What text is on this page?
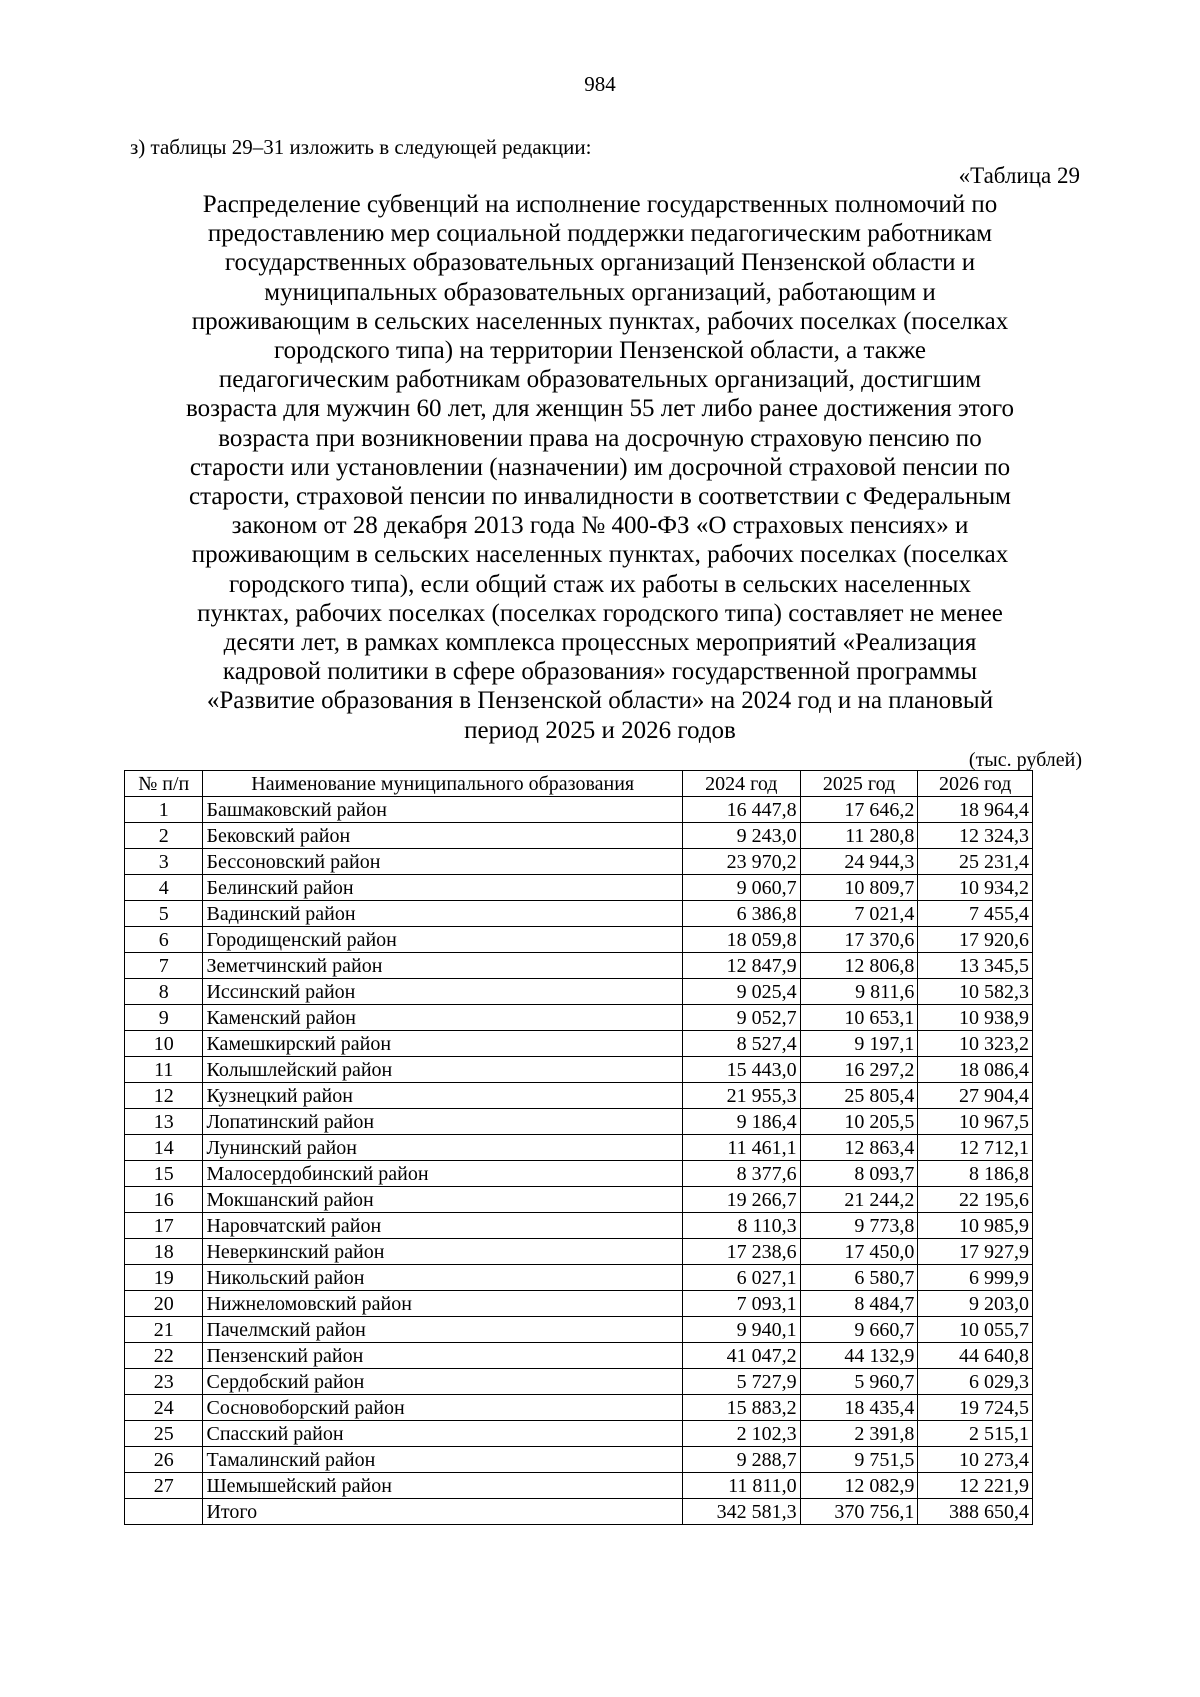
984
з) таблицы 29–31 изложить в следующей редакции:
«Таблица 29
Распределение субвенций на исполнение государственных полномочий по
предоставлению мер социальной поддержки педагогическим работникам
государственных образовательных организаций Пензенской области и
муниципальных образовательных организаций, работающим и
проживающим в сельских населенных пунктах, рабочих поселках (поселках
городского типа) на территории Пензенской области, а также
педагогическим работникам образовательных организаций, достигшим
возраста для мужчин 60 лет, для женщин 55 лет либо ранее достижения этого
возраста при возникновении права на досрочную страховую пенсию по
старости или установлении (назначении) им досрочной страховой пенсии по
старости, страховой пенсии по инвалидности в соответствии с Федеральным
законом от 28 декабря 2013 года № 400-ФЗ «О страховых пенсиях» и
проживающим в сельских населенных пунктах, рабочих поселках (поселках
городского типа), если общий стаж их работы в сельских населенных
пунктах, рабочих поселках (поселках городского типа) составляет не менее
десяти лет, в рамках комплекса процессных мероприятий «Реализация
кадровой политики в сфере образования» государственной программы
«Развитие образования в Пензенской области» на 2024 год и на плановый
период 2025 и 2026 годов
(тыс. рублей)
№ п/п	Наименование муниципального образования	2024 год	2025 год	2026 год
1	Башмаковский район	16 447,8	17 646,2	18 964,4
2	Бековский район	9 243,0	11 280,8	12 324,3
3	Бессоновский район	23 970,2	24 944,3	25 231,4
4	Белинский район	9 060,7	10 809,7	10 934,2
5	Вадинский район	6 386,8	7 021,4	7 455,4
6	Городищенский район	18 059,8	17 370,6	17 920,6
7	Земетчинский район	12 847,9	12 806,8	13 345,5
8	Иссинский район	9 025,4	9 811,6	10 582,3
9	Каменский район	9 052,7	10 653,1	10 938,9
10	Камешкирский район	8 527,4	9 197,1	10 323,2
11	Колышлейский район	15 443,0	16 297,2	18 086,4
12	Кузнецкий район	21 955,3	25 805,4	27 904,4
13	Лопатинский район	9 186,4	10 205,5	10 967,5
14	Лунинский район	11 461,1	12 863,4	12 712,1
15	Малосердобинский район	8 377,6	8 093,7	8 186,8
16	Мокшанский район	19 266,7	21 244,2	22 195,6
17	Наровчатский район	8 110,3	9 773,8	10 985,9
18	Неверкинский район	17 238,6	17 450,0	17 927,9
19	Никольский район	6 027,1	6 580,7	6 999,9
20	Нижнеломовский район	7 093,1	8 484,7	9 203,0
21	Пачелмский район	9 940,1	9 660,7	10 055,7
22	Пензенский район	41 047,2	44 132,9	44 640,8
23	Сердобский район	5 727,9	5 960,7	6 029,3
24	Сосновоборский район	15 883,2	18 435,4	19 724,5
25	Спасский район	2 102,3	2 391,8	2 515,1
26	Тамалинский район	9 288,7	9 751,5	10 273,4
27	Шемышейский район	11 811,0	12 082,9	12 221,9
	Итого	342 581,3	370 756,1	388 650,4
